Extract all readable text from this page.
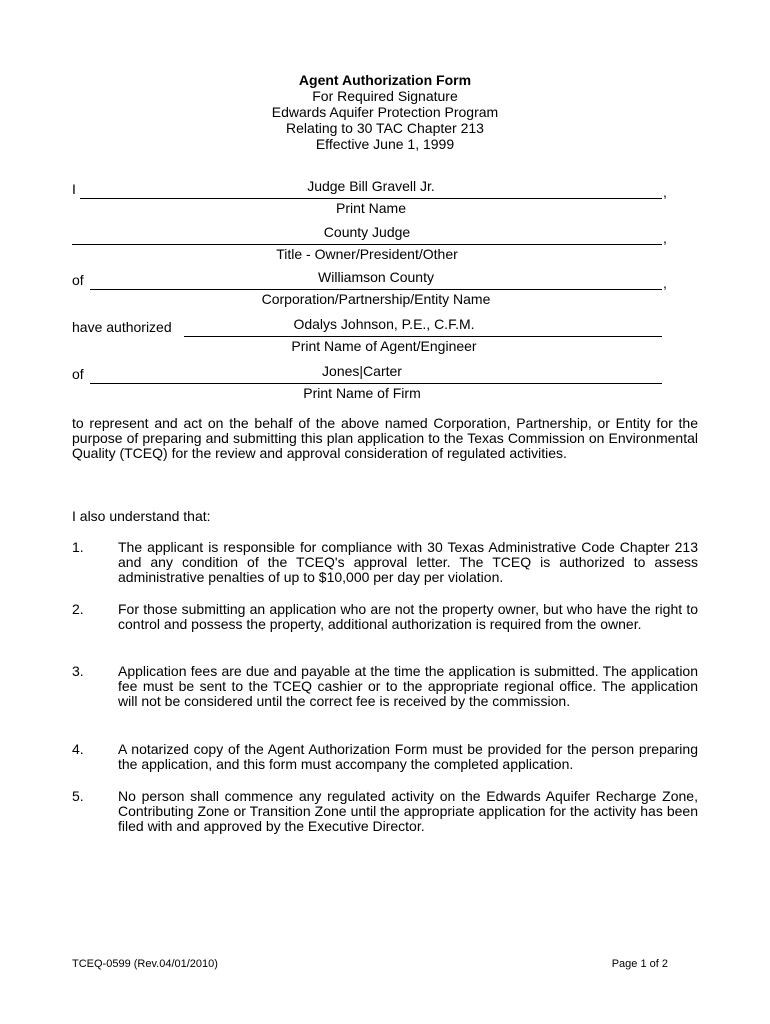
Agent Authorization Form
For Required Signature
Edwards Aquifer Protection Program
Relating to 30 TAC Chapter 213
Effective June 1, 1999
I	Judge Bill Gravell Jr.
Print Name
,
County Judge
Title - Owner/President/Other
,
of	Williamson County
Corporation/Partnership/Entity Name
,
have authorized	Odalys Johnson, P.E., C.F.M.
Print Name of Agent/Engineer
of	Jones|Carter
Print Name of Firm
to represent and act on the behalf of the above named Corporation, Partnership, or Entity for the purpose of preparing and submitting this plan application to the Texas Commission on Environmental Quality (TCEQ) for the review and approval consideration of regulated activities.
I also understand that:
1. The applicant is responsible for compliance with 30 Texas Administrative Code Chapter 213 and any condition of the TCEQ's approval letter. The TCEQ is authorized to assess administrative penalties of up to $10,000 per day per violation.
2. For those submitting an application who are not the property owner, but who have the right to control and possess the property, additional authorization is required from the owner.
3. Application fees are due and payable at the time the application is submitted. The application fee must be sent to the TCEQ cashier or to the appropriate regional office. The application will not be considered until the correct fee is received by the commission.
4. A notarized copy of the Agent Authorization Form must be provided for the person preparing the application, and this form must accompany the completed application.
5. No person shall commence any regulated activity on the Edwards Aquifer Recharge Zone, Contributing Zone or Transition Zone until the appropriate application for the activity has been filed with and approved by the Executive Director.
TCEQ-0599 (Rev.04/01/2010)	Page 1 of 2
